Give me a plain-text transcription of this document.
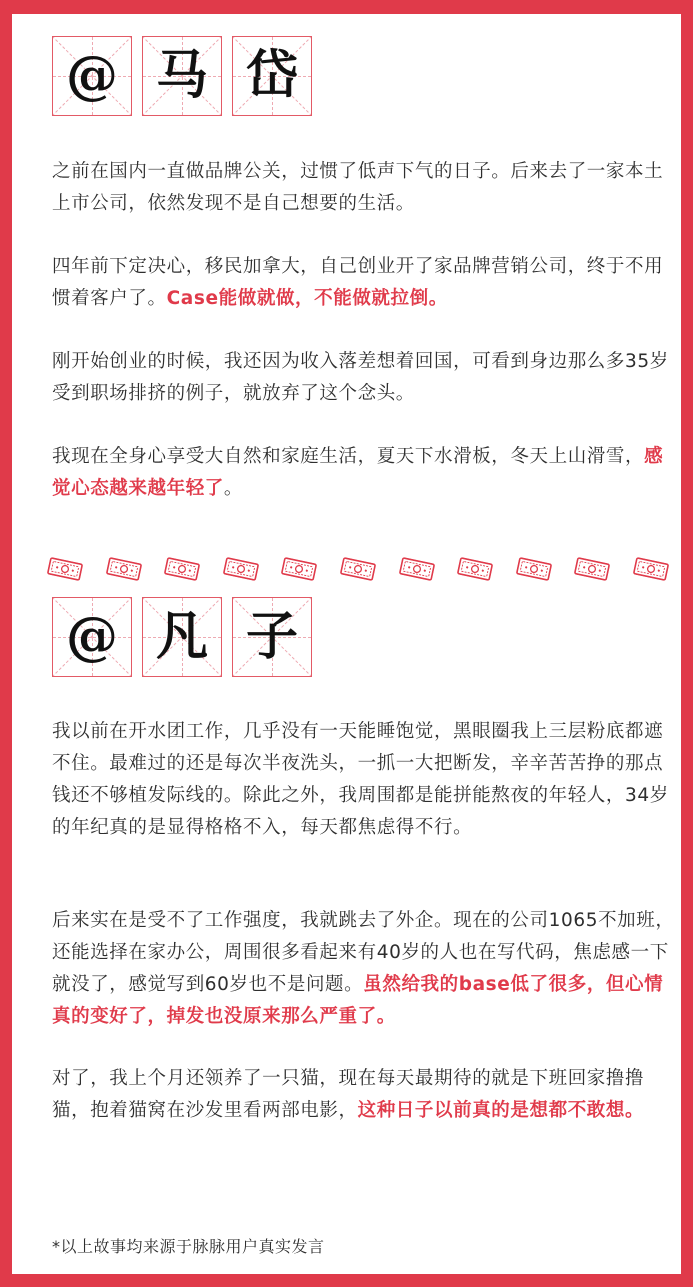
@ 马 岱

之前在国内一直做品牌公关，过惯了低声下气的日子。后来去了一家本土上市公司，依然发现不是自己想要的生活。

四年前下定决心，移民加拿大，自己创业开了家品牌营销公司，终于不用惯着客户了。Case能做就做，不能做就拉倒。

刚开始创业的时候，我还因为收入落差想着回国，可看到身边那么多35岁受到职场排挤的例子，就放弃了这个念头。

我现在全身心享受大自然和家庭生活，夏天下水滑板，冬天上山滑雪，感觉心态越来越年轻了。

@ 凡 子

我以前在开水团工作，几乎没有一天能睡饱觉，黑眼圈我上三层粉底都遮不住。最难过的还是每次半夜洗头，一抓一大把断发，辛辛苦苦挣的那点钱还不够植发际线的。除此之外，我周围都是能拼能熬夜的年轻人，34岁的年纪真的是显得格格不入，每天都焦虑得不行。

后来实在是受不了工作强度，我就跳去了外企。现在的公司1065不加班，还能选择在家办公，周围很多看起来有40岁的人也在写代码，焦虑感一下就没了，感觉写到60岁也不是问题。虽然给我的base低了很多，但心情真的变好了，掉发也没原来那么严重了。

对了，我上个月还领养了一只猫，现在每天最期待的就是下班回家撸撸猫，抱着猫窝在沙发里看两部电影，这种日子以前真的是想都不敢想。

*以上故事均来源于脉脉用户真实发言
